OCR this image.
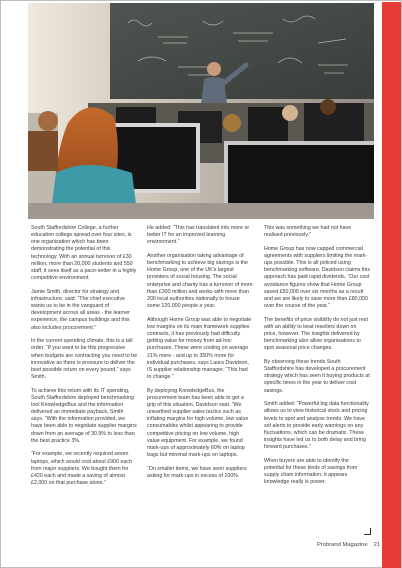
South Staffordshire College, a further education college spread over four sites, is one organisation which has been demonstrating the potential of this technology. With an annual turnover of £30 million, more than 20,000 students and 550 staff, it sees itself as a pace-setter in a highly competitive environment.

Jamie Smith, director for strategy and infrastructure, said: “The chief executive wants us to be in the vanguard of development across all areas - the learner experience, the campus buildings and this also includes procurement.”

In the current spending climate, this is a tall order. “If you want to be this progressive when budgets are contracting you need to be innovative as there is pressure to deliver the best possible return on every pound,” says Smith.

To achieve this return with its IT spending, South Staffordshire deployed benchmarking tool KnowledgeBus and the information delivered an immediate payback, Smith says. “With the information provided, we have been able to negotiate supplier margins down from an average of 30.9% to less than the best practice 3%.

“For example, we recently required seven laptops, which would cost about £900 each from major suppliers. We bought them for £420 each and made a saving of almost £2,000 on that purchase alone.”

He added: “This has translated into more or better IT for an improved learning environment.”

Another organisation taking advantage of benchmarking to achieve big savings is the Home Group, one of the UK's largest providers of social housing. The social enterprise and charity has a turnover of more than £300 million and works with more than 200 local authorities nationally to house some 120,000 people a year.

Although Home Group was able to negotiate low margins on its main framework supplies contracts, it has previously had difficulty getting value for money from ad-hoc purchases. These were costing on average 21% more - and up to 350% more for individual purchases, says Laura Davidson, IS supplier relationship manager. “This had to change.”

By deploying KnowledgeBus, the procurement team has been able to get a grip of this situation, Davidson said. “We unearthed supplier sales tactics such as inflating margins for high volume, low value consumables whilst appearing to provide competitive pricing on low volume, high value equipment. For example, we found mark-ups of approximately 60% on laptop bags but minimal mark-ups on laptops.

“On smaller items, we have seen suppliers asking for mark-ups in excess of 100%.

This was something we had not have realised previously.”

Home Group has now capped commercial agreements with suppliers limiting the mark-ups possible. This is all policed using benchmarking software. Davidson claims this approach has paid rapid dividends. “Our cost avoidance figures show that Home Group saved £50,000 over six months as a result and we are likely to save more than £80,000 over the course of the year.”

The benefits of price visibility do not just rest with an ability to beat resellers down on price, however. The insights delivered by benchmarking also allow organisations to spot seasonal price changes.

By observing these trends South Staffordshire has developed a procurement strategy which has seen it buying products at specific times in the year to deliver cost savings.

Smith added: “Powerful big data functionality allows us to view historical stock and pricing levels to spot and analyse trends. We have set alerts to provide early warnings on any fluctuations, which can be dramatic. These insights have led us to both delay and bring forward purchases.”

When buyers are able to identify the potential for these kinds of savings from supply chain information, it appears knowledge really is power.

Probrand Magazine 21
